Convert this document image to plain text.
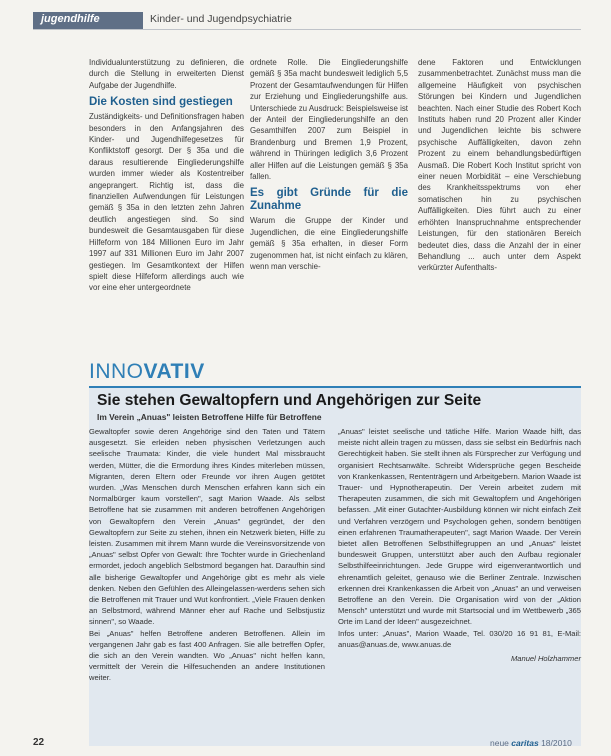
jugendhilfe	Kinder- und Jugendpsychiatrie

Individualunterstützung zu definieren, die durch die Stellung in erweiterten Dienst Aufgabe der Jugendhilfe.

Die Kosten sind gestiegen

Zuständigkeits- und Definitionsfragen haben besonders in den Anfangsjahren des Kinder- und Jugendhilfegesetzes für Konfliktstoff gesorgt. Der § 35a und die daraus resultierende Eingliederungshilfe wurden immer wieder als Kostentreiber angeprangert. Richtig ist, dass die finanziellen Aufwendungen für Leistungen gemäß § 35a in den letzten zehn Jahren deutlich angestiegen sind. So sind bundesweit die Gesamtausgaben für diese Hilfeform von 184 Millionen Euro im Jahr 1997 auf 331 Millionen Euro im Jahr 2007 gestiegen. Im Gesamtkontext der Hilfen spielt diese Hilfeform allerdings auch wie vor eine eher untergeordnete

ordnete Rolle. Die Eingliederungshilfe gemäß § 35a macht bundesweit lediglich 5,5 Prozent der Gesamtaufwendungen für Hilfen zur Erziehung und Eingliederungshilfe aus. Unterschiede zu Ausdruck: Beispielsweise ist der Anteil der Eingliederungshilfe an den Gesamthilfen 2007 zum Beispiel in Brandenburg und Bremen 1,9 Prozent, während in Thüringen lediglich 3,6 Prozent aller Hilfen auf die Leistungen gemäß § 35a fallen.

Es gibt Gründe für die Zunahme

Warum die Gruppe der Kinder und Jugendlichen, die eine Eingliederungshilfe gemäß § 35a erhalten, in dieser Form zugenommen hat, ist nicht einfach zu klären, wenn man verschie-

dene Faktoren und Entwicklungen zusammenbetrachtet. Zunächst muss man die allgemeine Häufigkeit von psychischen Störungen bei Kindern und Jugendlichen beachten. Nach einer Studie des Robert Koch Instituts haben rund 20 Prozent aller Kinder und Jugendlichen leichte bis schwere psychische Auffälligkeiten, davon zehn Prozent zu einem behandlungsbedürftigen Ausmaß. Die Robert Koch Institut spricht von einer neuen Morbidität – eine Verschiebung des Krankheitsspektrums von eher somatischen hin zu psychischen Auffälligkeiten. Dies führt auch zu einer erhöhten Inanspruchnahme entsprechender Leistungen, für den stationären Bereich bedeutet dies, dass die Anzahl der in einer Behandlung ... auch unter dem Aspekt verkürzter Aufenthalts-

INNOVATIV
Sie stehen Gewaltopfern und Angehörigen zur Seite
Im Verein „Anuas" leisten Betroffene Hilfe für Betroffene

Gewaltopfer sowie deren Angehörige sind den Taten und Tätern ausgesetzt. Sie erleiden neben physischen Verletzungen auch seelische Traumata: Kinder, die viele hundert Mal missbraucht werden, Mütter, die die Ermordung ihres Kindes miterleben müssen, Migranten, deren Eltern oder Freunde vor ihren Augen getötet wurden. „Was Menschen durch Menschen erfahren kann sich ein Normalbürger kaum vorstellen", sagt Marion Waade. Als selbst Betroffene hat sie zusammen mit anderen betroffenen Angehörigen von Gewaltopfern den Verein „Anuas" gegründet, der den Gewaltopfern zur Seite zu stehen, ihnen ein Netzwerk bieten, Hilfe zu leisten. Zusammen mit ihrem Mann wurde die Vereinsvorsitzende von „Anuas" selbst Opfer von Gewalt: Ihre Tochter wurde in Griechenland ermordet, jedoch angeblich Selbstmord begangen hat. Daraufhin sind alle bisherige Gewaltopfer und Angehörige gibt es mehr als viele denken. Neben den Gefühlen des Alleingelassen-werdens sehen sich die Betroffenen mit Trauer und Wut konfrontiert. „Viele Frauen denken an Selbstmord, während Männer eher auf Rache und Selbstjustiz sinnen", so Waade.

Bei „Anuas" helfen Betroffene anderen Betroffenen. Allein im vergangenen Jahr gab es fast 400 Anfragen. Sie alle betreffen Opfer, die sich an den Verein wandten. Wo „Anuas" nicht helfen kann, vermittelt der Verein die Hilfesuchenden an andere Institutionen weiter.

„Anuas" leistet seelische und tätliche Hilfe. Marion Waade hilft, das meiste nicht allein tragen zu müssen, dass sie selbst ein Bedürfnis nach Gerechtigkeit haben. Sie stellt ihnen als Fürsprecher zur Verfügung und organisiert Rechtsanwälte. Schreibt Widersprüche gegen Bescheide von Krankenkassen, Rententrägern und Arbeitgebern. Marion Waade ist Trauer- und Hypnotherapeutin. Der Verein arbeitet zudem mit Therapeuten zusammen, die sich mit Gewaltopfern und Angehörigen befassen. „Mit einer Gutachter-Ausbildung können wir nicht einfach Zeit und Verfahren verzögern und Psychologen gehen, sondern benötigen einen erfahrenen Traumatherapeuten", sagt Marion Waade. Der Verein bietet allen Betroffenen Selbsthilfegruppen an und „Anuas" leistet bundesweit Gruppen, unterstützt aber auch den Aufbau regionaler Selbsthilfeeinrichtungen. Jede Gruppe wird eigenverantwortlich und ehrenamtlich geleitet, genauso wie die Berliner Zentrale. Inzwischen erkennen drei Krankenkassen die Arbeit von „Anuas" an und verweisen Betroffene an den Verein. Die Organisation wird von der „Aktion Mensch" unterstützt und wurde mit Startsocial und im Wettbewerb „365 Orte im Land der Ideen" ausgezeichnet.

Infos unter: „Anuas", Marion Waade, Tel. 030/20 16 91 81, E-Mail: anuas@anuas.de, www.anuas.de

Manuel Holzhammer

22	neue caritas 18/2010
